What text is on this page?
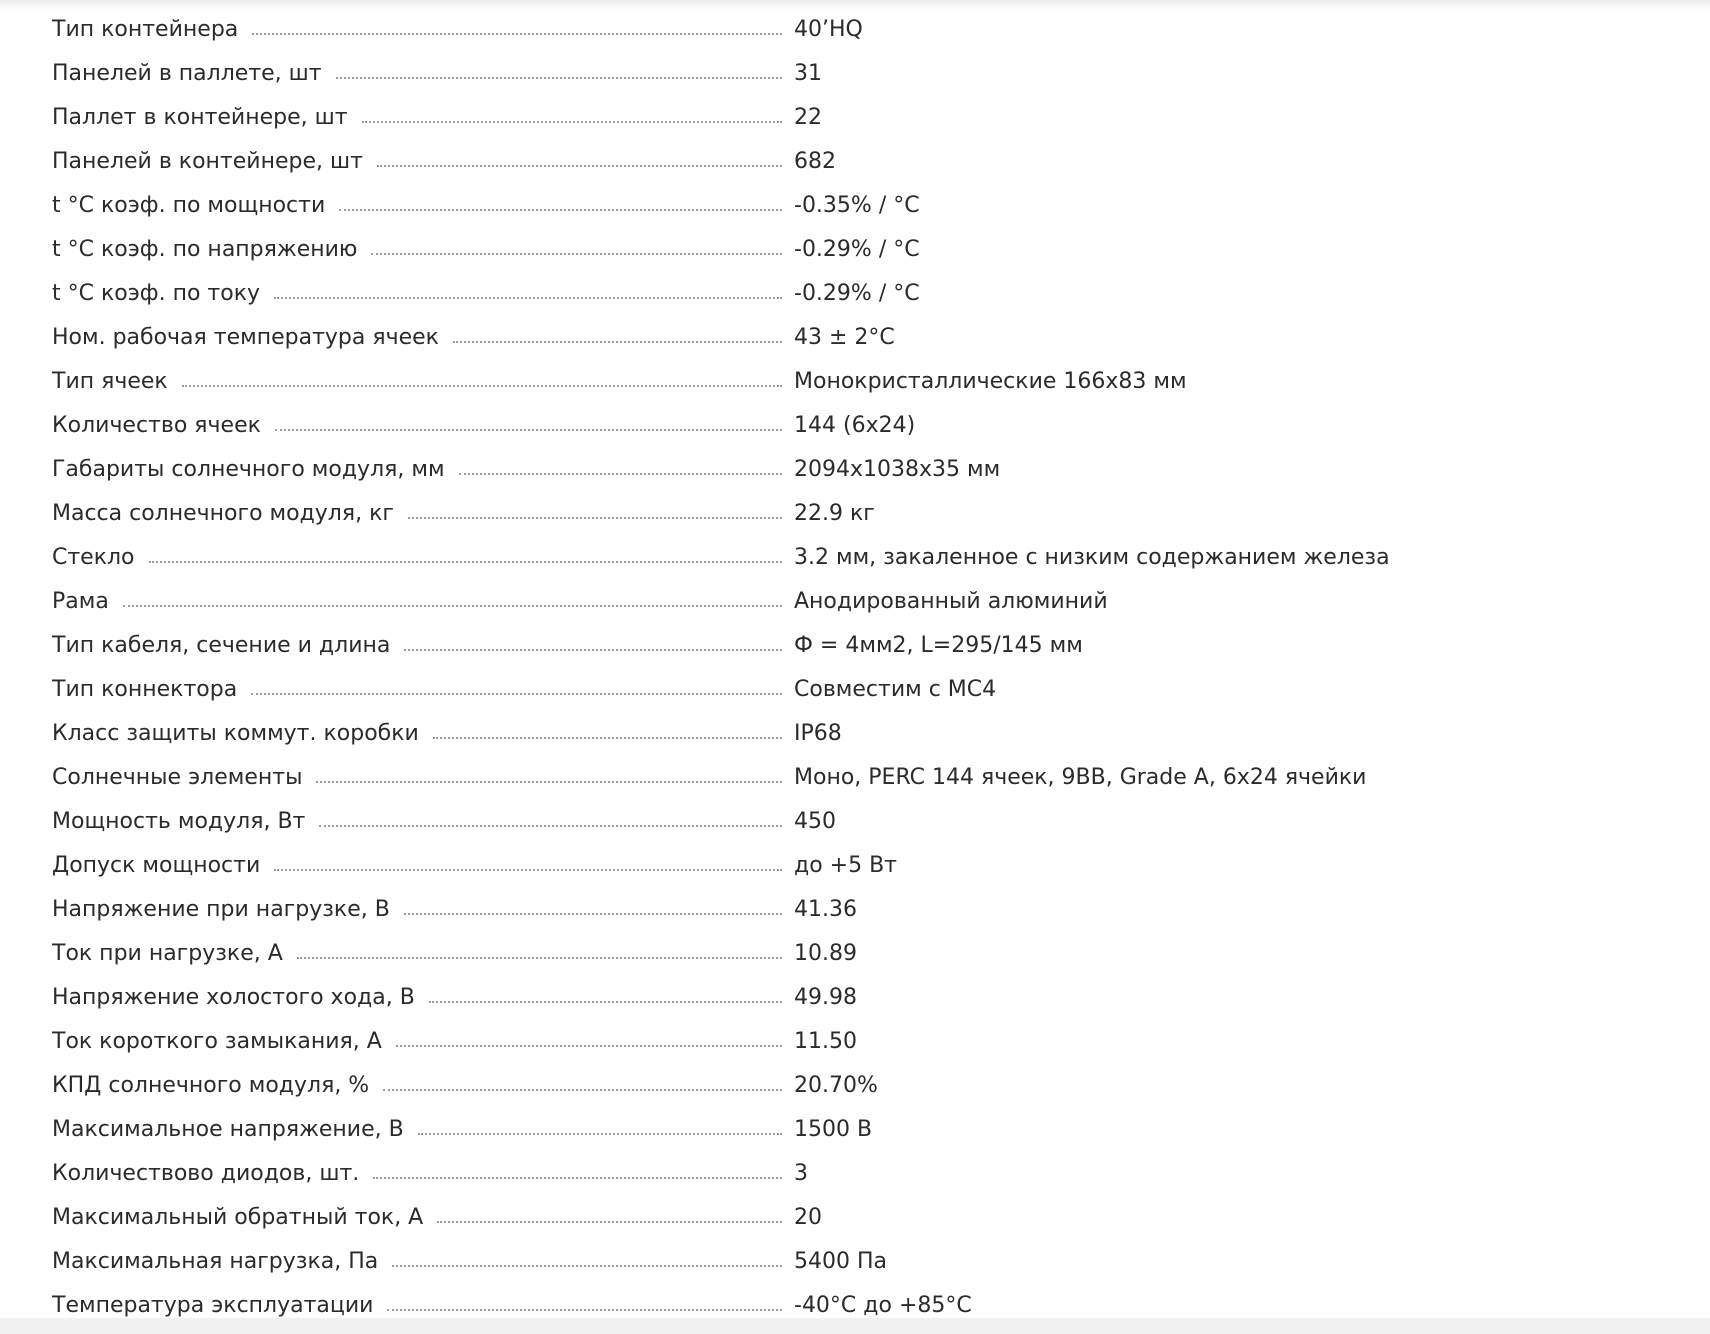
Тип контейнера	40’HQ
Панелей в паллете, шт	31
Паллет в контейнере, шт	22
Панелей в контейнере, шт	682
t °C коэф. по мощности	-0.35% / °C
t °C коэф. по напряжению	-0.29% / °C
t °C коэф. по току	-0.29% / °C
Ном. рабочая температура ячеек	43 ± 2°C
Тип ячеек	Монокристаллические 166x83 мм
Количество ячеек	144 (6x24)
Габариты солнечного модуля, мм	2094x1038x35 мм
Масса солнечного модуля, кг	22.9 кг
Стекло	3.2 мм, закаленное с низким содержанием железа
Рама	Анодированный алюминий
Тип кабеля, сечение и длина	Ф = 4мм2, L=295/145 мм
Тип коннектора	Совместим с МС4
Класс защиты коммут. коробки	IP68
Солнечные элементы	Моно, PERC 144 ячеек, 9BB, Grade A, 6x24 ячейки
Мощность модуля, Вт	450
Допуск мощности	до +5 Вт
Напряжение при нагрузке, В	41.36
Ток при нагрузке, А	10.89
Напряжение холостого хода, В	49.98
Ток короткого замыкания, А	11.50
КПД солнечного модуля, %	20.70%
Максимальное напряжение, В	1500 В
Количествово диодов, шт.	3
Максимальный обратный ток, А	20
Максимальная нагрузка, Па	5400 Па
Температура эксплуатации	-40°C до +85°C
